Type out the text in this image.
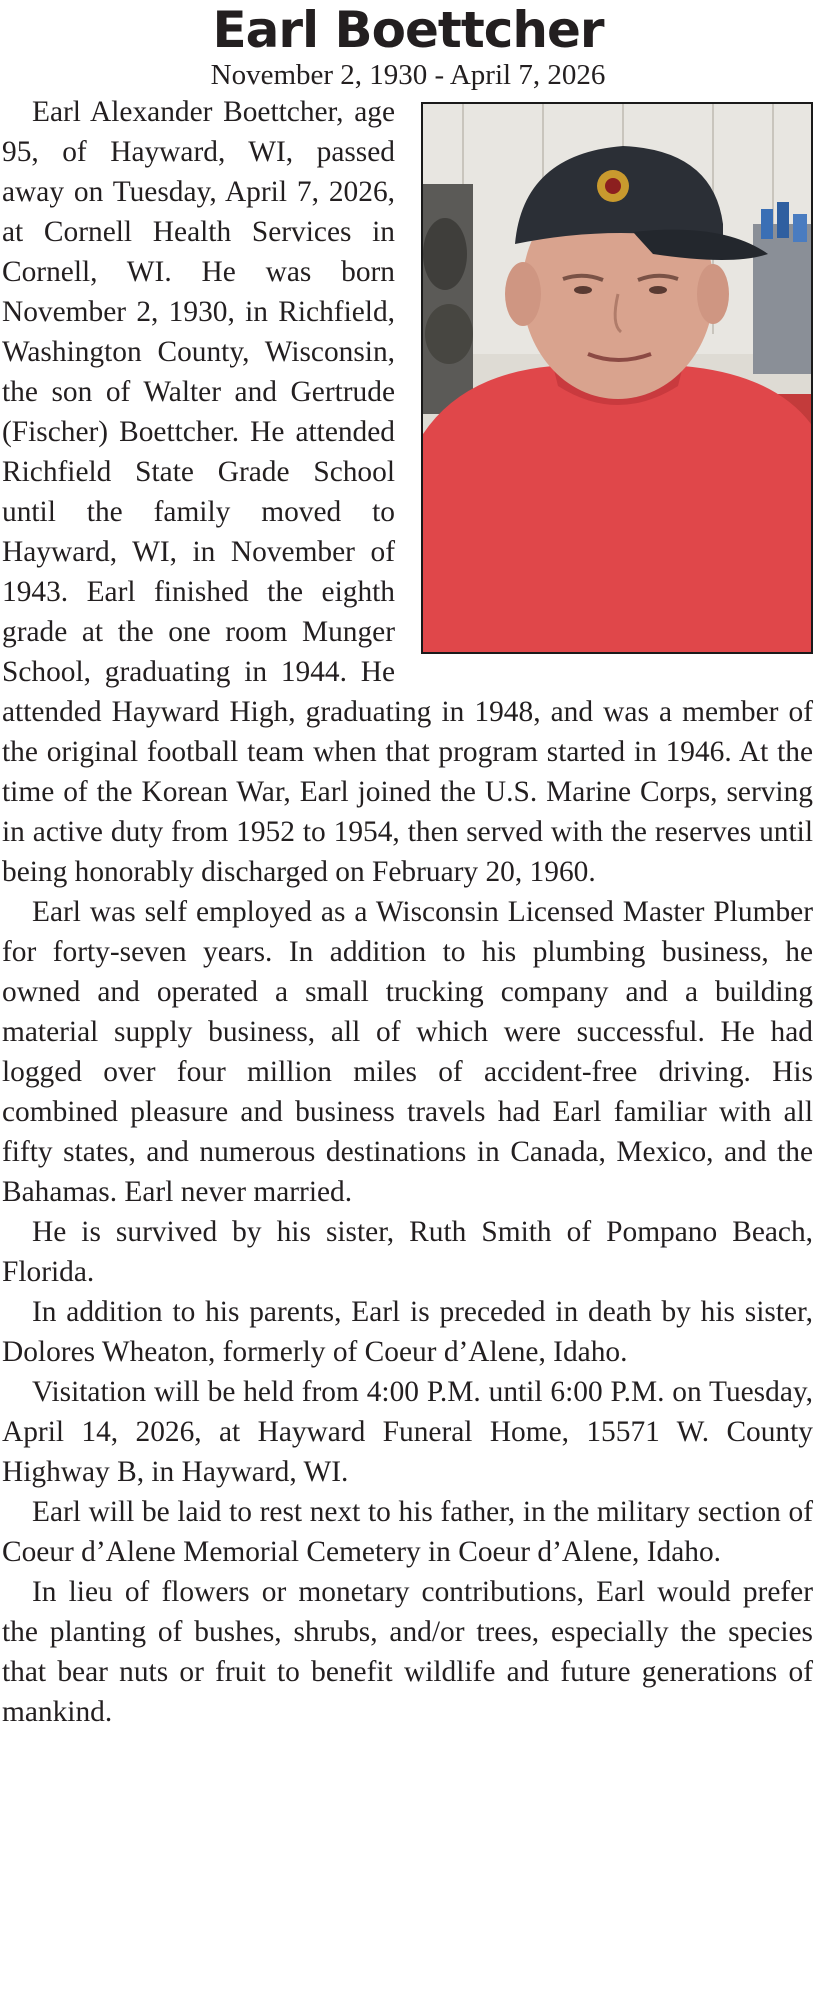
Earl Boettcher

November 2, 1930 - April 7, 2026

Earl Alexander Boettcher, age 95, of Hayward, WI, passed away on Tuesday, April 7, 2026, at Cornell Health Services in Cornell, WI. He was born November 2, 1930, in Richfield, Washington County, Wisconsin, the son of Walter and Gertrude (Fischer) Boettcher. He attended Richfield State Grade School until the family moved to Hayward, WI, in November of 1943. Earl finished the eighth grade at the one room Munger School, graduating in 1944. He attended Hayward High, graduating in 1948, and was a member of the original football team when that program started in 1946. At the time of the Korean War, Earl joined the U.S. Marine Corps, serving in active duty from 1952 to 1954, then served with the reserves until being honorably discharged on February 20, 1960.

Earl was self employed as a Wisconsin Licensed Master Plumber for forty-seven years. In addition to his plumbing business, he owned and operated a small trucking company and a building material supply business, all of which were successful. He had logged over four million miles of accident-free driving. His combined pleasure and business travels had Earl familiar with all fifty states, and numerous destinations in Canada, Mexico, and the Bahamas. Earl never married.

He is survived by his sister, Ruth Smith of Pompano Beach, Florida.

In addition to his parents, Earl is preceded in death by his sister, Dolores Wheaton, formerly of Coeur d’Alene, Idaho.

Visitation will be held from 4:00 P.M. until 6:00 P.M. on Tuesday, April 14, 2026, at Hayward Funeral Home, 15571 W. County Highway B, in Hayward, WI.

Earl will be laid to rest next to his father, in the military section of Coeur d’Alene Memorial Cemetery in Coeur d’Alene, Idaho.

In lieu of flowers or monetary contributions, Earl would prefer the planting of bushes, shrubs, and/or trees, especially the species that bear nuts or fruit to benefit wildlife and future generations of mankind.
